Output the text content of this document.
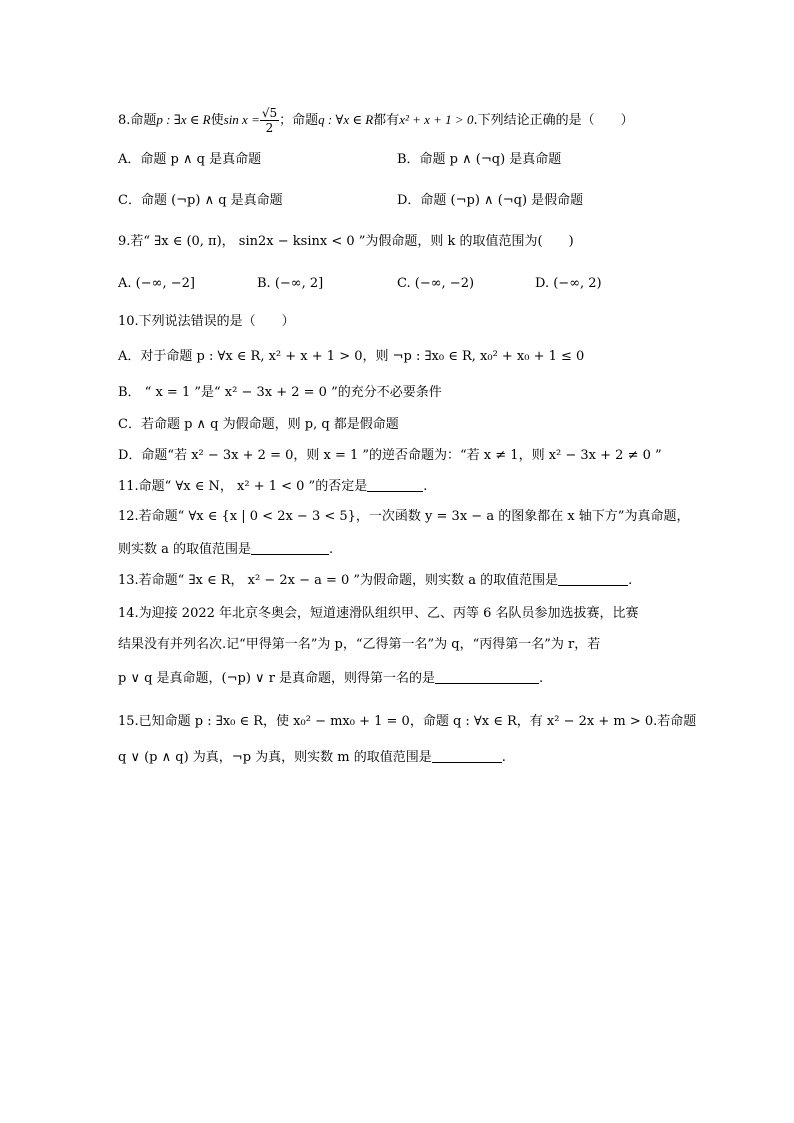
8.命题p : ∃x ∈ R使$\sin x = \frac{√5}{2}$ ；命题q : ∀x ∈ R都有x² + x + 1 > 0.下列结论正确的是（　　）
A．命题 p ∧ q 是真命题	B．命题 p ∧ (¬q) 是真命题
C．命题 (¬p) ∧ q 是真命题	D．命题 (¬p) ∧ (¬q) 是假命题
9.若“ ∃x ∈ (0, π)， sin2x − ksinx < 0 ”为假命题，则 k 的取值范围为(　　)
A. (−∞, −2]	B. (−∞, 2]	C. (−∞, −2)	D. (−∞, 2)
10.下列说法错误的是（　　）
A．对于命题 p : ∀x ∈ R, x² + x + 1 > 0，则 ¬p : ∃x₀ ∈ R, x₀² + x₀ + 1 ≤ 0
B． “ x = 1 ”是“ x² − 3x + 2 = 0 ”的充分不必要条件
C．若命题 p ∧ q 为假命题，则 p, q 都是假命题
D．命题“若 x² − 3x + 2 = 0，则 x = 1 ”的逆否命题为：“若 x ≠ 1，则 x² − 3x + 2 ≠ 0 ”
11.命题“ ∀x ∈ N， x² + 1 < 0 ”的否定是	.
12.若命题“ ∀x ∈ {x | 0 < 2x − 3 < 5}，一次函数 y = 3x − a 的图象都在 x 轴下方”为真命题，
则实数 a 的取值范围是	.
13.若命题“ ∃x ∈ R， x² − 2x − a = 0 ”为假命题，则实数 a 的取值范围是	.
14.为迎接 2022 年北京冬奥会，短道速滑队组织甲、乙、丙等 6 名队员参加选拔赛，比赛
结果没有并列名次.记“甲得第一名”为 p，“乙得第一名”为 q，“丙得第一名”为 r，若
p ∨ q 是真命题，(¬p) ∨ r 是真命题，则得第一名的是	.
15.已知命题 p : ∃x₀ ∈ R，使 x₀² − mx₀ + 1 = 0，命题 q : ∀x ∈ R，有 x² − 2x + m > 0.若命题
q ∨ (p ∧ q) 为真，¬p 为真，则实数 m 的取值范围是	.
